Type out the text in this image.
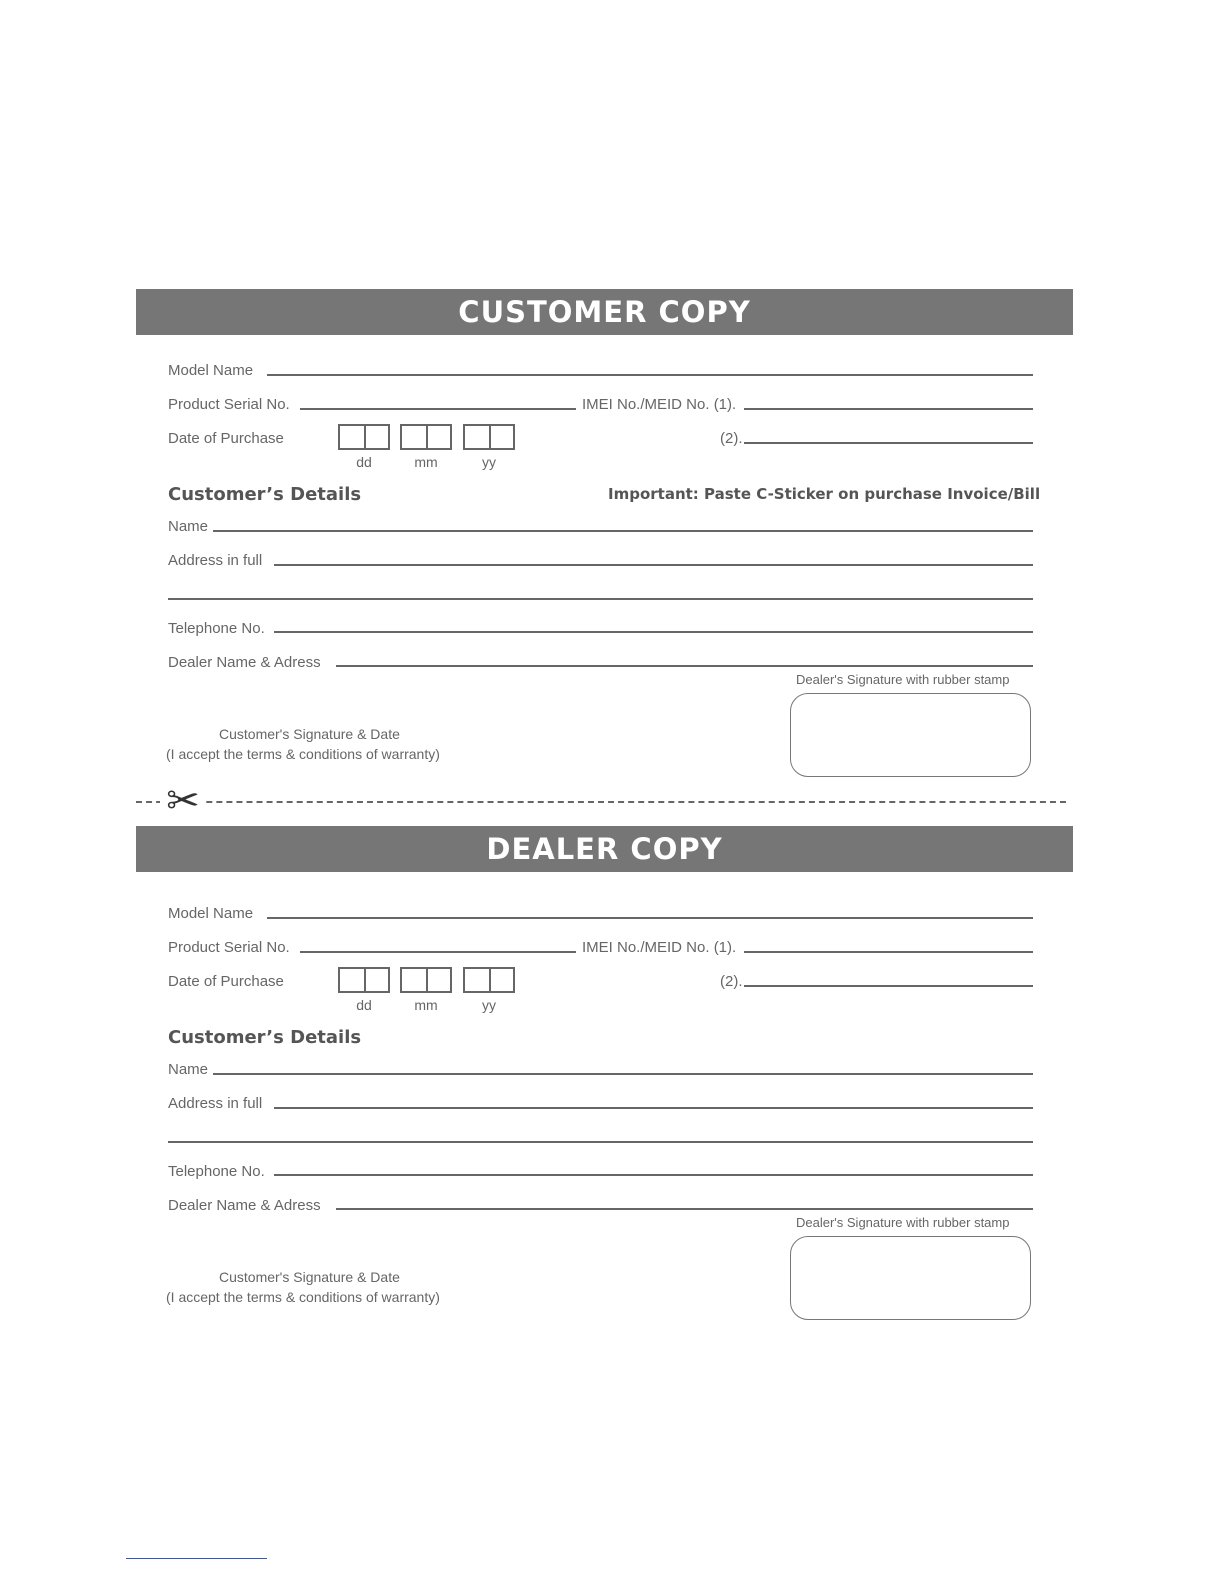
CUSTOMER COPY
Model Name
Product Serial No.	IMEI No./MEID No. (1).
Date of Purchase
dd	mm	yy
(2).
Customer’s Details	Important: Paste C-Sticker on purchase Invoice/Bill
Name
Address in full
Telephone No.
Dealer Name & Adress
Dealer's Signature with rubber stamp
Customer's Signature & Date
(I accept the terms & conditions of warranty)
✂
DEALER COPY
Model Name
Product Serial No.	IMEI No./MEID No. (1).
Date of Purchase
dd	mm	yy
(2).
Customer’s Details
Name
Address in full
Telephone No.
Dealer Name & Adress
Dealer's Signature with rubber stamp
Customer's Signature & Date
(I accept the terms & conditions of warranty)
